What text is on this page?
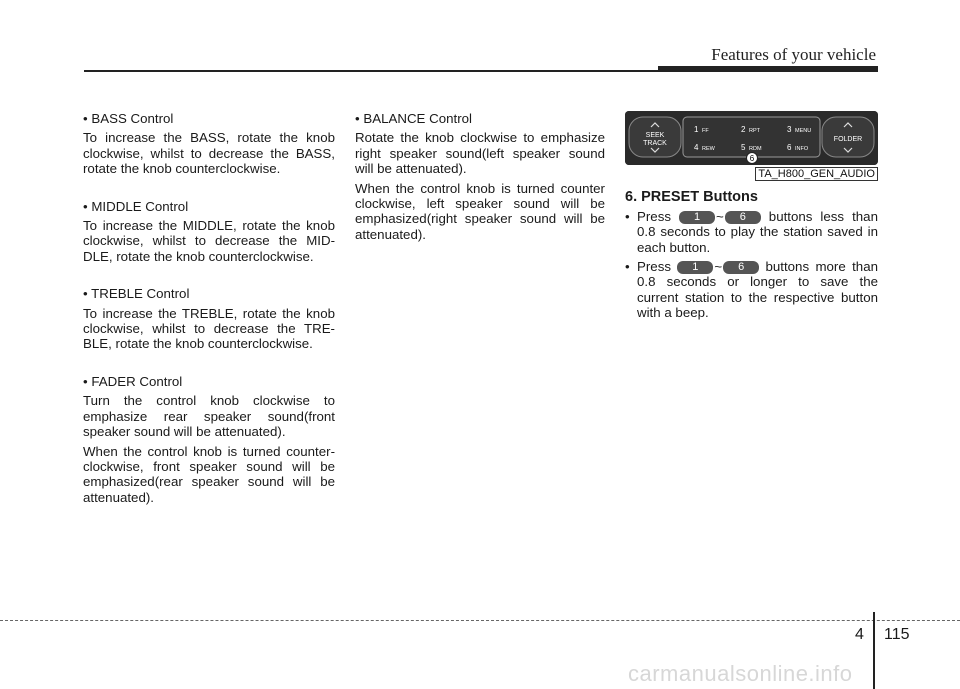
Features of your vehicle
• BASS Control

To increase the BASS, rotate the knob clockwise, whilst to decrease the BASS, rotate the knob counterclockwise.

• MIDDLE Control

To increase the MIDDLE, rotate the knob clockwise, whilst to decrease the MID-DLE, rotate the knob counterclockwise.

• TREBLE Control

To increase the TREBLE, rotate the knob clockwise, whilst to decrease the TRE-BLE, rotate the knob counterclockwise.

• FADER Control

Turn the control knob clockwise to emphasize rear speaker sound(front speaker sound will be attenuated).

When the control knob is turned counter-clockwise, front speaker sound will be emphasized(rear speaker sound will be attenuated).

• BALANCE Control

Rotate the knob clockwise to emphasize right speaker sound(left speaker sound will be attenuated).

When the control knob is turned counter clockwise, left speaker sound will be emphasized(right speaker sound will be attenuated).

SEEK
TRACK
FOLDER
1 FF	2 RPT	3 MENU
4 REW	5 RDM	6 INFO
6
TA_H800_GEN_AUDIO
6. PRESET Buttons
• Press 1 ~ 6 buttons less than 0.8 seconds to play the station saved in each button.
• Press 1 ~ 6 buttons more than 0.8 seconds or longer to save the current station to the respective button with a beep.
4 115
carmanualsonline.info
